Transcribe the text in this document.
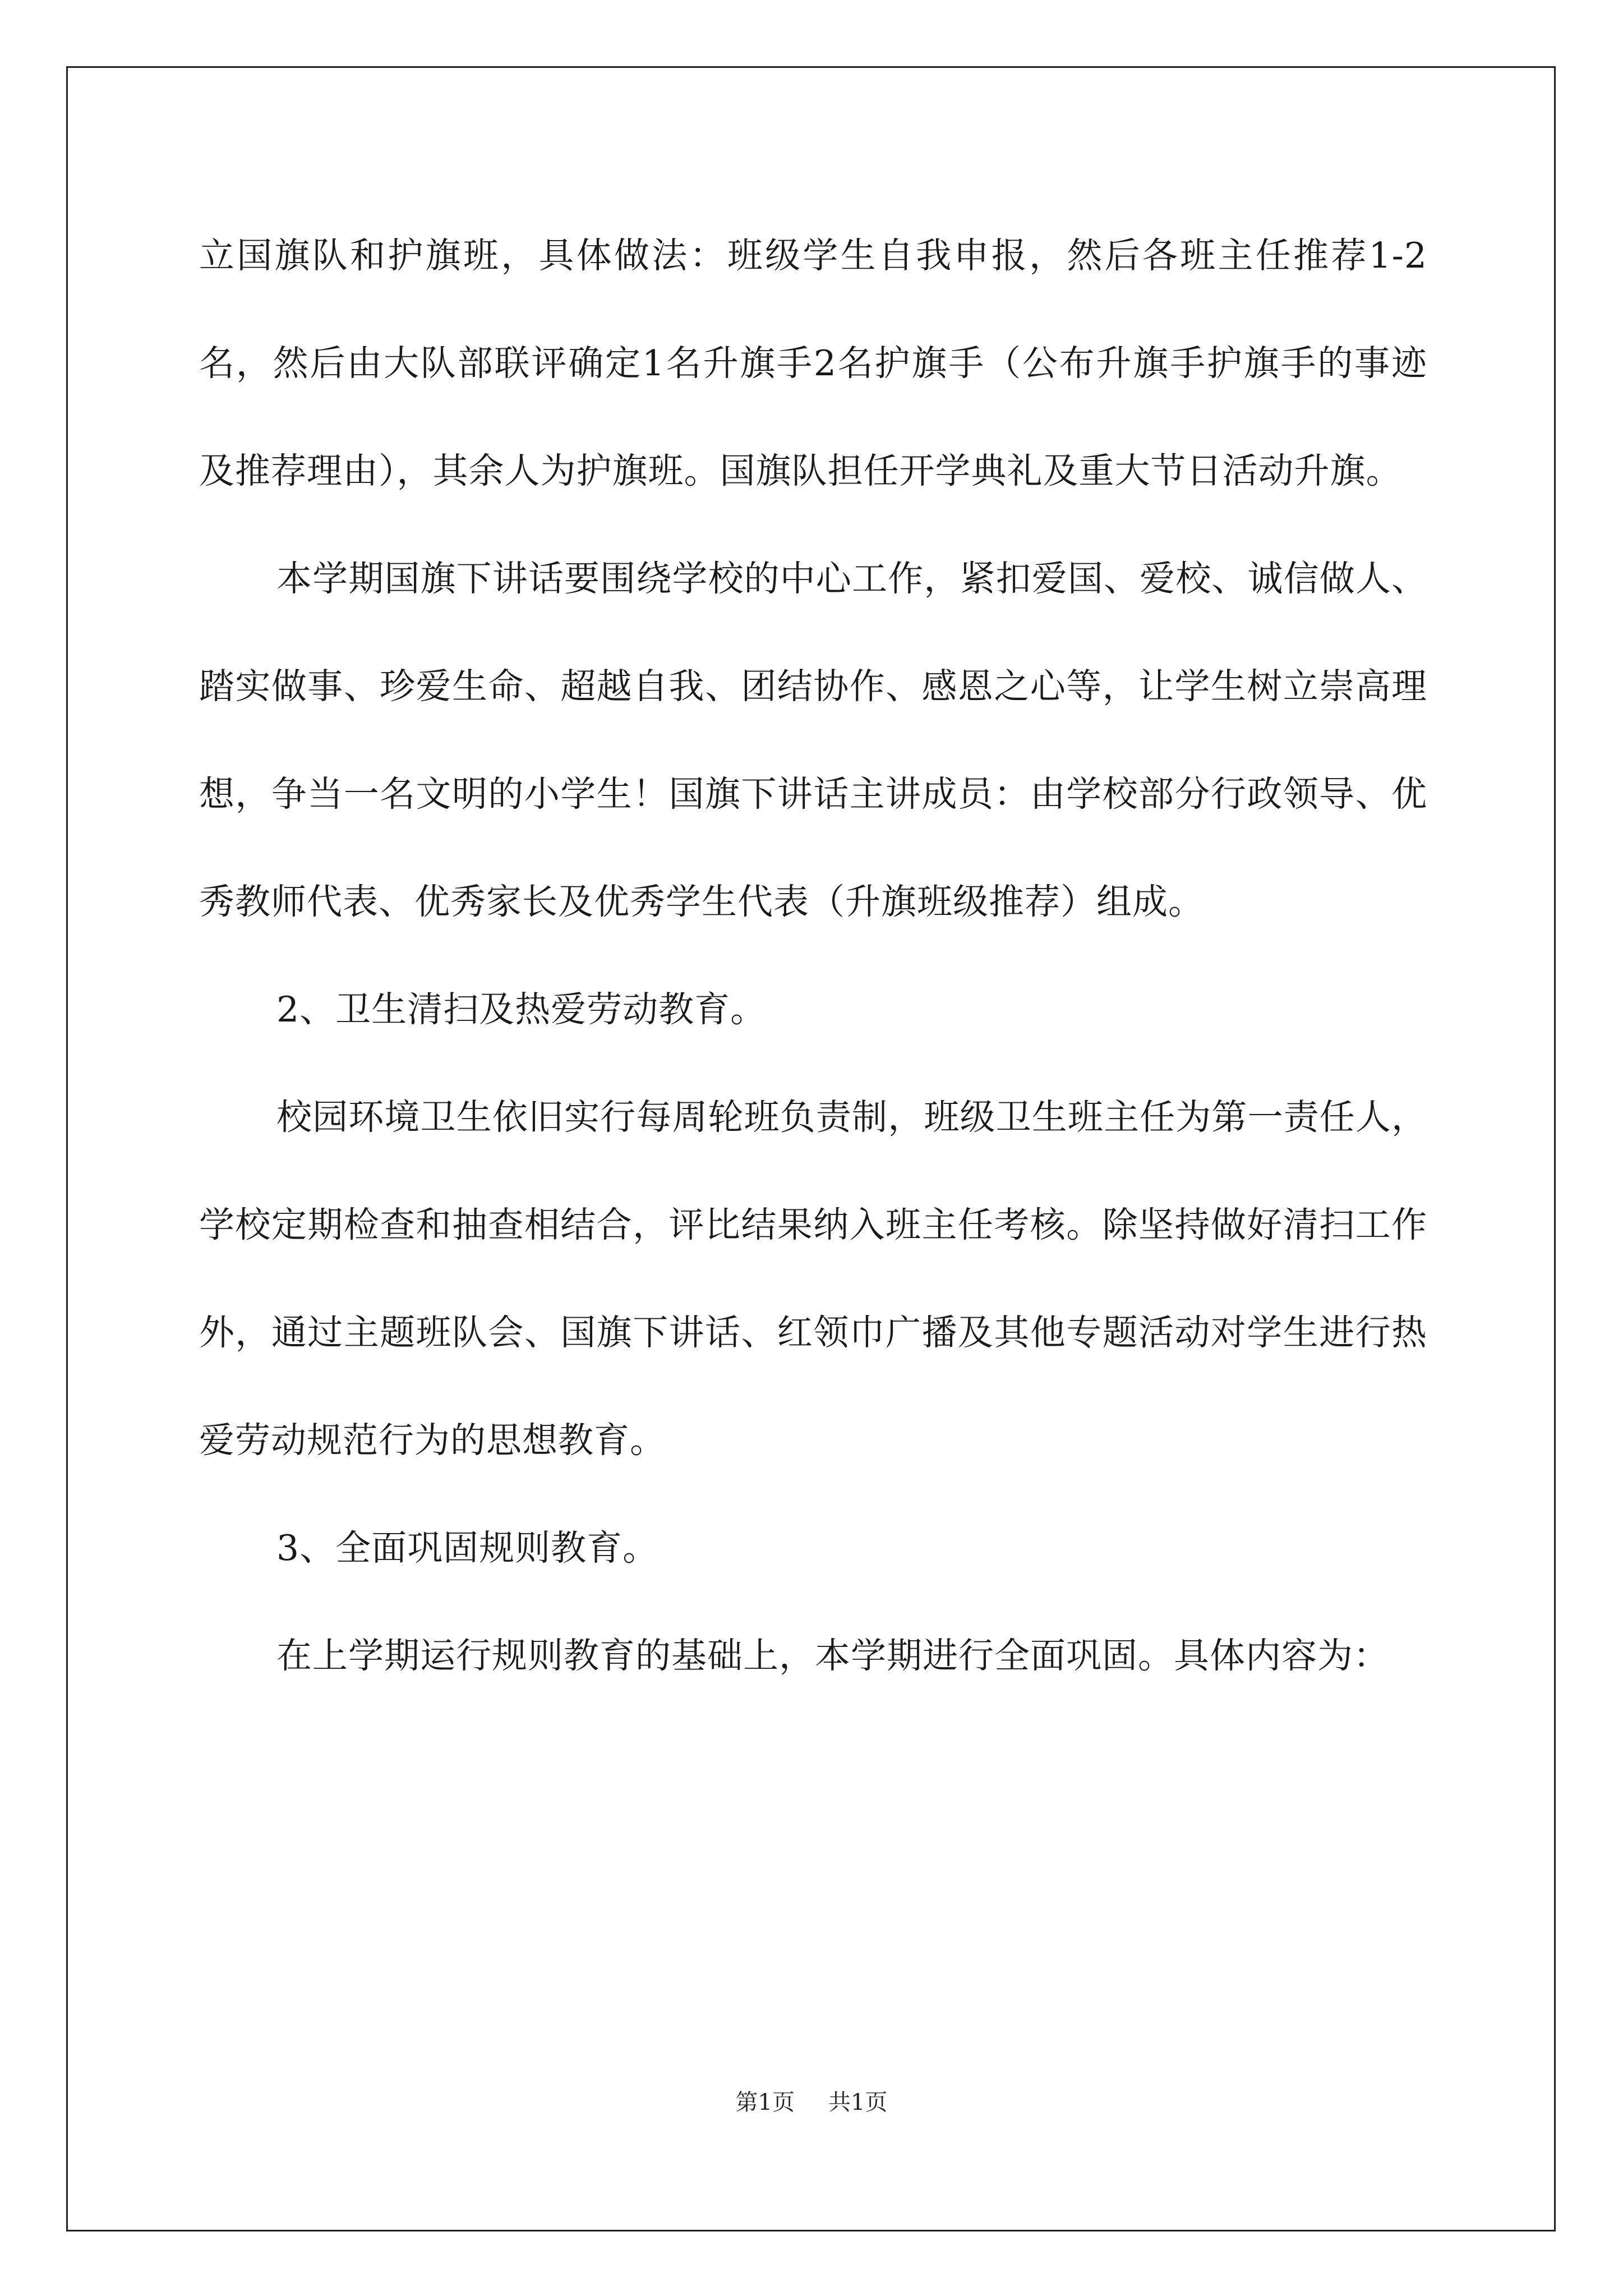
立国旗队和护旗班，具体做法：班级学生自我申报，然后各班主任推荐1-2名，然后由大队部联评确定1名升旗手2名护旗手（公布升旗手护旗手的事迹及推荐理由），其余人为护旗班。国旗队担任开学典礼及重大节日活动升旗。

本学期国旗下讲话要围绕学校的中心工作，紧扣爱国、爱校、诚信做人、踏实做事、珍爱生命、超越自我、团结协作、感恩之心等，让学生树立崇高理想，争当一名文明的小学生！国旗下讲话主讲成员：由学校部分行政领导、优秀教师代表、优秀家长及优秀学生代表（升旗班级推荐）组成。

2、卫生清扫及热爱劳动教育。

校园环境卫生依旧实行每周轮班负责制，班级卫生班主任为第一责任人，学校定期检查和抽查相结合，评比结果纳入班主任考核。除坚持做好清扫工作外，通过主题班队会、国旗下讲话、红领巾广播及其他专题活动对学生进行热爱劳动规范行为的思想教育。

3、全面巩固规则教育。

在上学期运行规则教育的基础上，本学期进行全面巩固。具体内容为：

第1页 共1页
